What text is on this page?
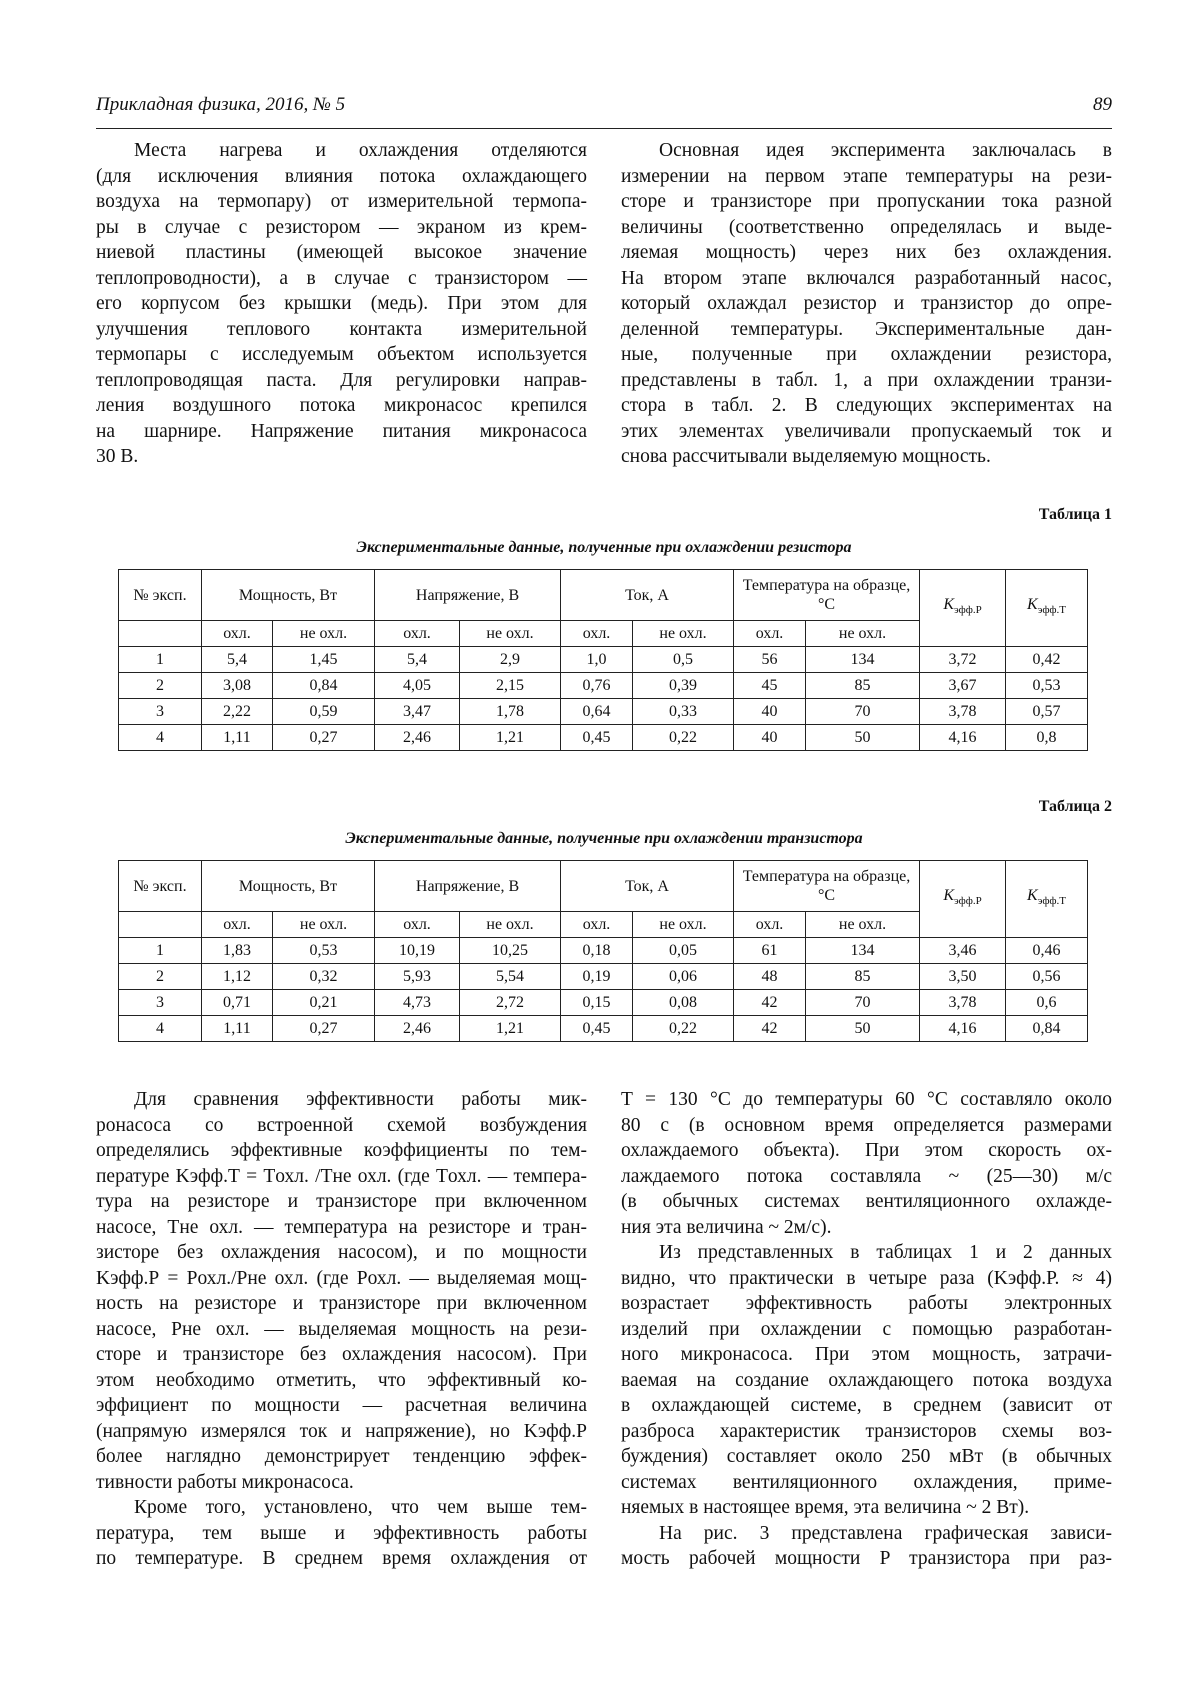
Прикладная физика, 2016, № 5	89
Места нагрева и охлаждения отделяются
(для исключения влияния потока охлаждающего
воздуха на термопару) от измерительной термопа-
ры в случае с резистором — экраном из крем-
ниевой пластины (имеющей высокое значение
теплопроводности), а в случае с транзистором —
его корпусом без крышки (медь). При этом для
улучшения теплового контакта измерительной
термопары с исследуемым объектом используется
теплопроводящая паста. Для регулировки направ-
ления воздушного потока микронасос крепился
на шарнире. Напряжение питания микронасоса
30 В.
Основная идея эксперимента заключалась в
измерении на первом этапе температуры на рези-
сторе и транзисторе при пропускании тока разной
величины (соответственно определялась и выде-
ляемая мощность) через них без охлаждения.
На втором этапе включался разработанный насос,
который охлаждал резистор и транзистор до опре-
деленной температуры. Экспериментальные дан-
ные, полученные при охлаждении резистора,
представлены в табл. 1, а при охлаждении транзи-
стора в табл. 2. В следующих экспериментах на
этих элементах увеличивали пропускаемый ток и
снова рассчитывали выделяемую мощность.
Таблица 1
Экспериментальные данные, полученные при охлаждении резистора
№ эксп.	Мощность, Вт		Напряжение, В		Ток, А		Температура на образце, °С		$K_{эфф.Р}$	$K_{эфф.Т}$
	охл.	не охл.	охл.	не охл.	охл.	не охл.	охл.	не охл.		
1	5,4	1,45	5,4	2,9	1,0	0,5	56	134	3,72	0,42
2	3,08	0,84	4,05	2,15	0,76	0,39	45	85	3,67	0,53
3	2,22	0,59	3,47	1,78	0,64	0,33	40	70	3,78	0,57
4	1,11	0,27	2,46	1,21	0,45	0,22	40	50	4,16	0,8
Таблица 2
Экспериментальные данные, полученные при охлаждении транзистора
№ эксп.	Мощность, Вт		Напряжение, В		Ток, А		Температура на образце, °С		$K_{эфф.Р}$	$K_{эфф.Т}$
	охл.	не охл.	охл.	не охл.	охл.	не охл.	охл.	не охл.		
1	1,83	0,53	10,19	10,25	0,18	0,05	61	134	3,46	0,46
2	1,12	0,32	5,93	5,54	0,19	0,06	48	85	3,50	0,56
3	0,71	0,21	4,73	2,72	0,15	0,08	42	70	3,78	0,6
4	1,11	0,27	2,46	1,21	0,45	0,22	42	50	4,16	0,84
Для сравнения эффективности работы мик-
ронасоса со встроенной схемой возбуждения
определялись эффективные коэффициенты по тем-
пературе Kэфф.Т = Tохл. /Tне охл. (где Tохл. — темпера-
тура на резисторе и транзисторе при включенном
насосе, Tне охл. — температура на резисторе и тран-
зисторе без охлаждения насосом), и по мощности
Kэфф.Р = Pохл./Pне охл. (где Pохл. — выделяемая мощ-
ность на резисторе и транзисторе при включенном
насосе, Pне охл. — выделяемая мощность на рези-
сторе и транзисторе без охлаждения насосом). При
этом необходимо отметить, что эффективный ко-
эффициент по мощности — расчетная величина
(напрямую измерялся ток и напряжение), но Kэфф.Р
более наглядно демонстрирует тенденцию эффек-
тивности работы микронасоса.
Кроме того, установлено, что чем выше тем-
пература, тем выше и эффективность работы
по температуре. В среднем время охлаждения от
T = 130 °C до температуры 60 °C составляло около
80 с (в основном время определяется размерами
охлаждаемого объекта). При этом скорость ох-
лаждаемого потока составляла ~ (25—30) м/с
(в обычных системах вентиляционного охлажде-
ния эта величина ~ 2м/с).
Из представленных в таблицах 1 и 2 данных
видно, что практически в четыре раза (Kэфф.Р. ≈ 4)
возрастает эффективность работы электронных
изделий при охлаждении с помощью разработан-
ного микронасоса. При этом мощность, затрачи-
ваемая на создание охлаждающего потока воздуха
в охлаждающей системе, в среднем (зависит от
разброса характеристик транзисторов схемы воз-
буждения) составляет около 250 мВт (в обычных
системах вентиляционного охлаждения, приме-
няемых в настоящее время, эта величина ~ 2 Вт).
На рис. 3 представлена графическая зависи-
мость рабочей мощности P транзистора при раз-
